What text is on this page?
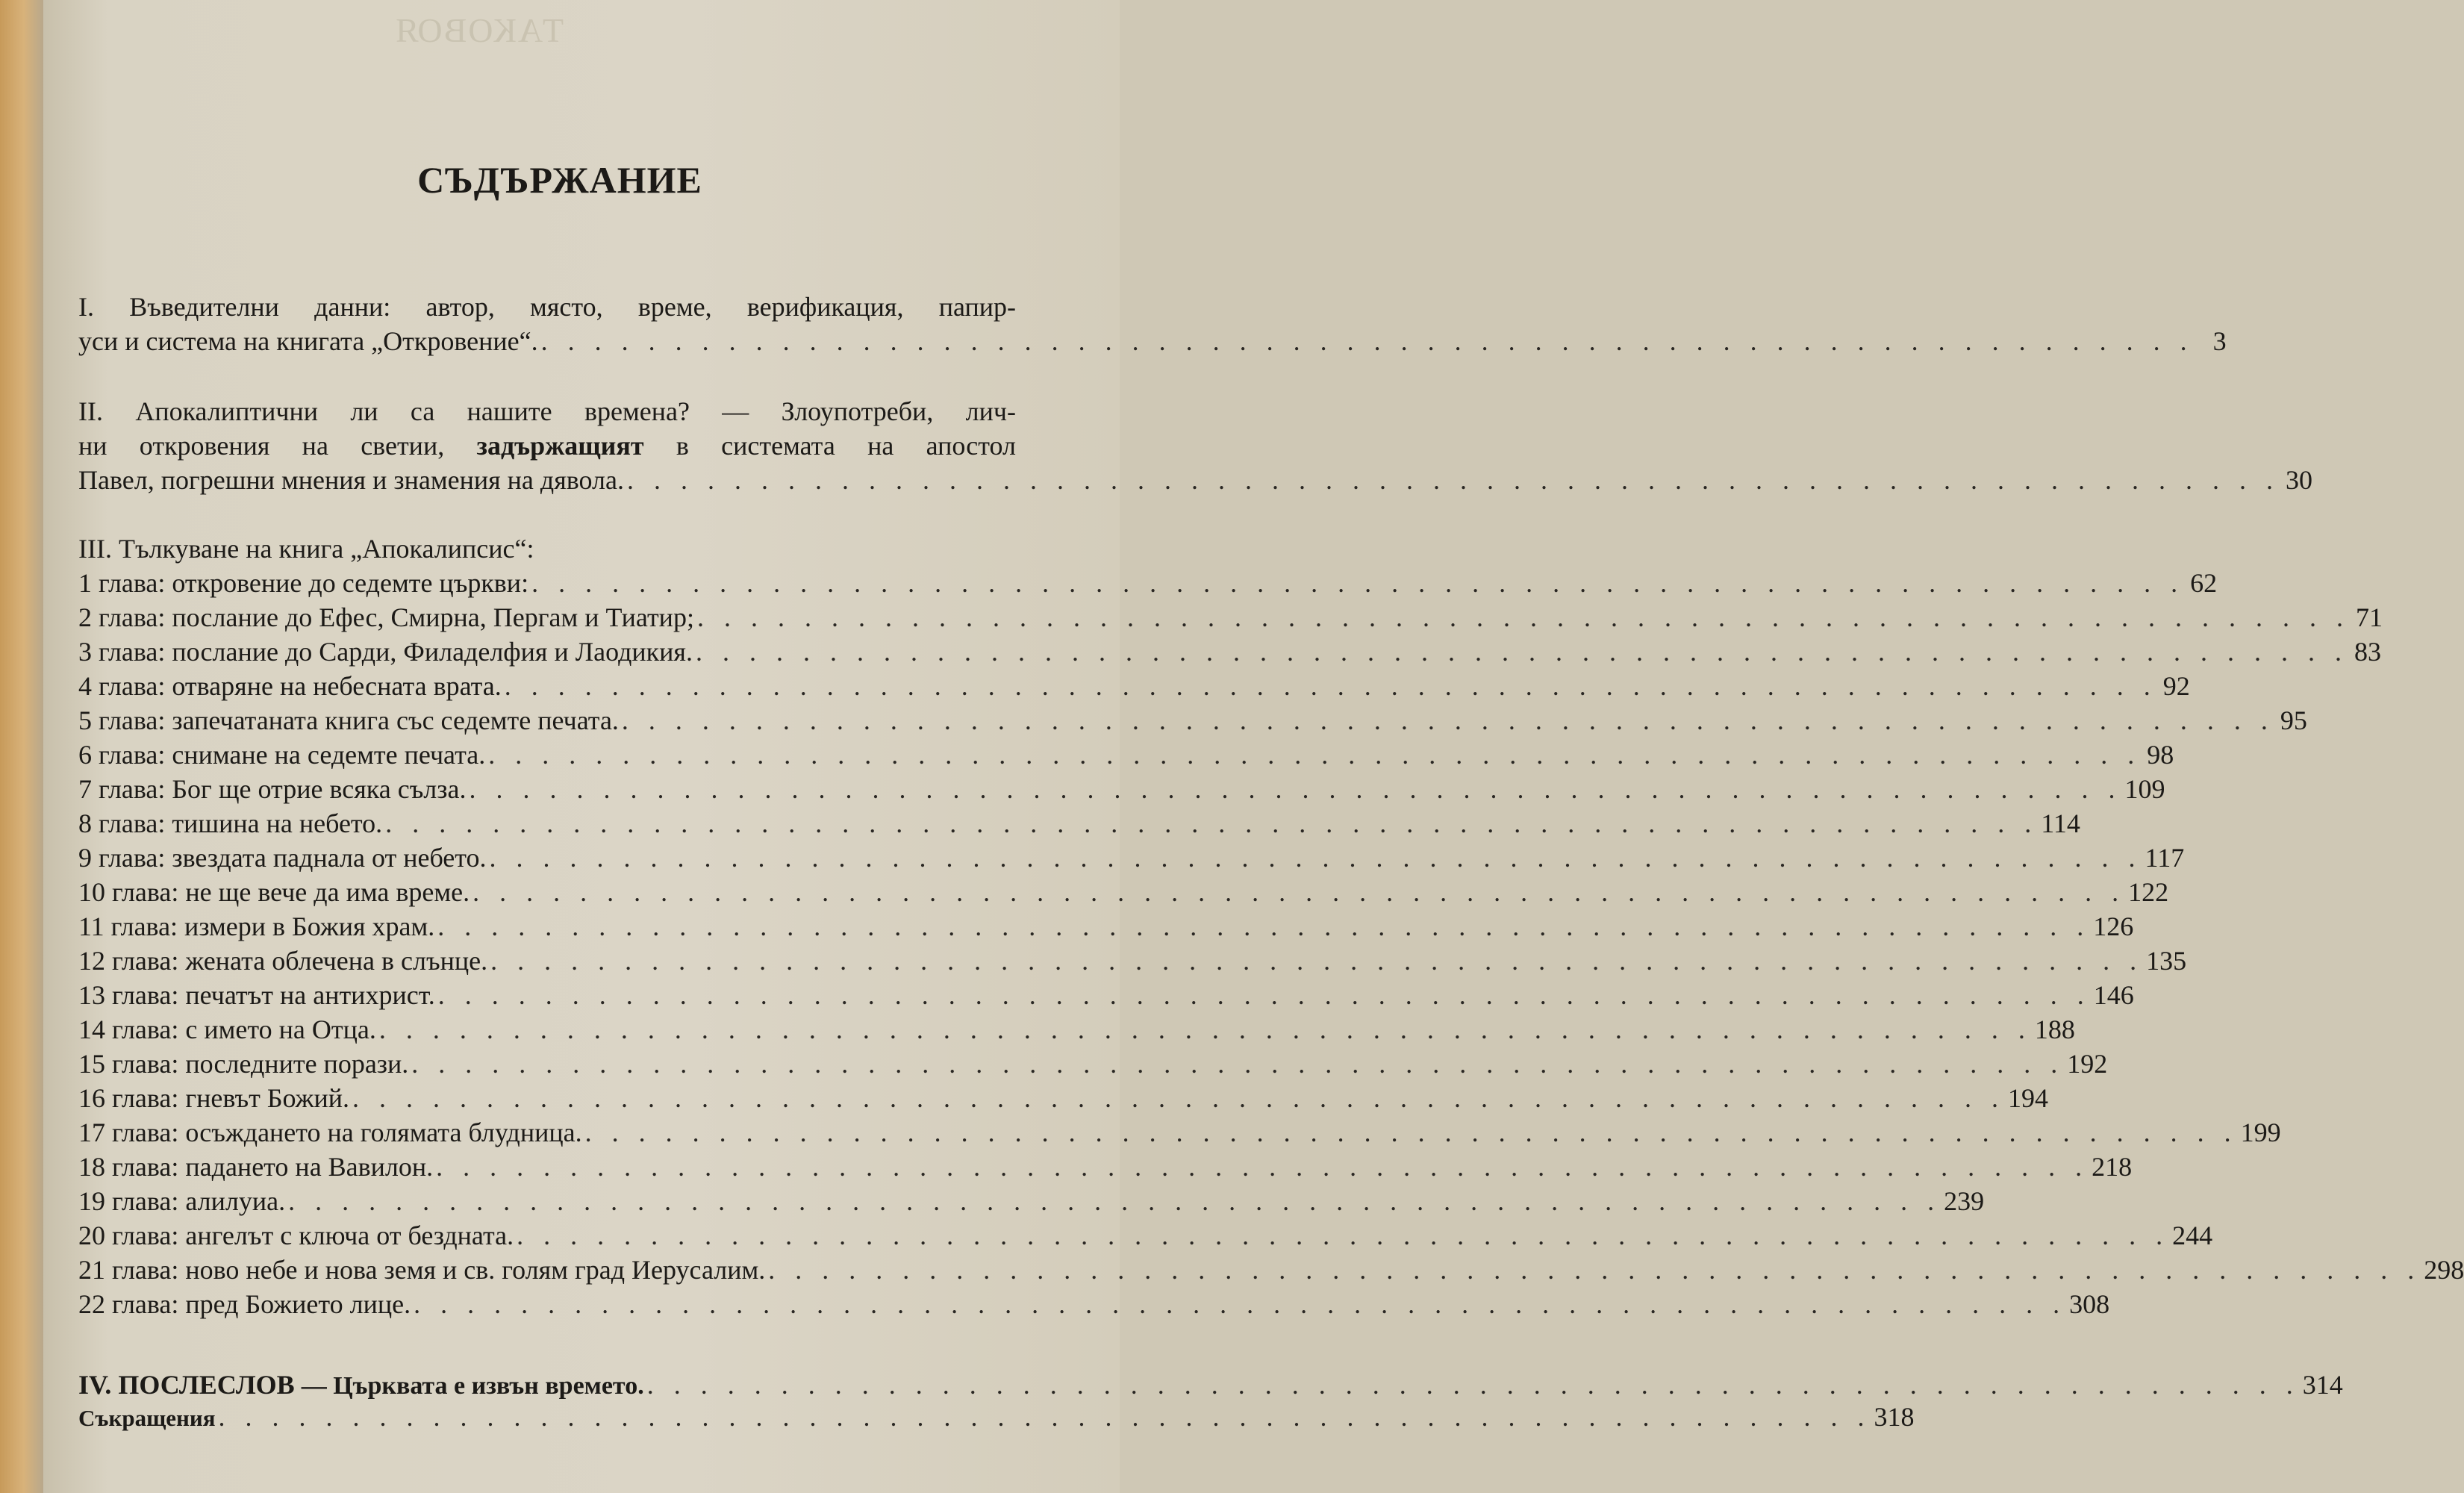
ТАКОВОЯ
СЪДЪРЖАНИЕ
I. Въведителни данни: автор, място, време, верификация, папир-
уси и система на книгата „Откровение“. . . . . . . . . . . . . . . . . . . . . . . . . . . . . . . . . . . . . . . . . . . . . . . . . . . . . . . . . . . . . . . 3
II. Апокалиптични ли са нашите времена? — Злоупотреби, лич-
ни откровения на светии, задържащият в системата на апостол
Павел, погрешни мнения и знамения на дявола. . . . . . . . . . . . . . . . . . . . . . . . . . . . . . . . . . . . . . . . . . . . . . . . . . . . . . . . . . . . . . . 30
III. Тълкуване на книга „Апокалипсис“:
1 глава: откровение до седемте църкви: . . . . . . . . . . . . . . . . . . . . . . . . . . . . . . . . . . . . . . . . . . . . . . . . . . . . . . . . . . . . . . 62
2 глава: послание до Ефес, Смирна, Пергам и Тиатир; . . . . . . . . . . . . . . . . . . . . . . . . . . . . . . . . . . . . . . . . . . . . . . . . . . . . . . . . . . . . . . 71
3 глава: послание до Сарди, Филаделфия и Лаодикия. . . . . . . . . . . . . . . . . . . . . . . . . . . . . . . . . . . . . . . . . . . . . . . . . . . . . . . . . . . . . . . 83
4 глава: отваряне на небесната врата. . . . . . . . . . . . . . . . . . . . . . . . . . . . . . . . . . . . . . . . . . . . . . . . . . . . . . . . . . . . . . . 92
5 глава: запечатаната книга със седемте печата. . . . . . . . . . . . . . . . . . . . . . . . . . . . . . . . . . . . . . . . . . . . . . . . . . . . . . . . . . . . . . . 95
6 глава: снимане на седемте печата. . . . . . . . . . . . . . . . . . . . . . . . . . . . . . . . . . . . . . . . . . . . . . . . . . . . . . . . . . . . . . . 98
7 глава: Бог ще отрие всяка сълза. . . . . . . . . . . . . . . . . . . . . . . . . . . . . . . . . . . . . . . . . . . . . . . . . . . . . . . . . . . . . . . 109
8 глава: тишина на небето. . . . . . . . . . . . . . . . . . . . . . . . . . . . . . . . . . . . . . . . . . . . . . . . . . . . . . . . . . . . . . . 114
9 глава: звездата паднала от небето. . . . . . . . . . . . . . . . . . . . . . . . . . . . . . . . . . . . . . . . . . . . . . . . . . . . . . . . . . . . . . . 117
10 глава: не ще вече да има време. . . . . . . . . . . . . . . . . . . . . . . . . . . . . . . . . . . . . . . . . . . . . . . . . . . . . . . . . . . . . . . 122
11 глава: измери в Божия храм. . . . . . . . . . . . . . . . . . . . . . . . . . . . . . . . . . . . . . . . . . . . . . . . . . . . . . . . . . . . . . . 126
12 глава: жената облечена в слънце. . . . . . . . . . . . . . . . . . . . . . . . . . . . . . . . . . . . . . . . . . . . . . . . . . . . . . . . . . . . . . . 135
13 глава: печатът на антихрист. . . . . . . . . . . . . . . . . . . . . . . . . . . . . . . . . . . . . . . . . . . . . . . . . . . . . . . . . . . . . . . 146
14 глава: с името на Отца. . . . . . . . . . . . . . . . . . . . . . . . . . . . . . . . . . . . . . . . . . . . . . . . . . . . . . . . . . . . . . . 188
15 глава: последните порази. . . . . . . . . . . . . . . . . . . . . . . . . . . . . . . . . . . . . . . . . . . . . . . . . . . . . . . . . . . . . . . 192
16 глава: гневът Божий. . . . . . . . . . . . . . . . . . . . . . . . . . . . . . . . . . . . . . . . . . . . . . . . . . . . . . . . . . . . . . . 194
17 глава: осъждането на голямата блудница. . . . . . . . . . . . . . . . . . . . . . . . . . . . . . . . . . . . . . . . . . . . . . . . . . . . . . . . . . . . . . . 199
18 глава: падането на Вавилон. . . . . . . . . . . . . . . . . . . . . . . . . . . . . . . . . . . . . . . . . . . . . . . . . . . . . . . . . . . . . . . 218
19 глава: алилуиа. . . . . . . . . . . . . . . . . . . . . . . . . . . . . . . . . . . . . . . . . . . . . . . . . . . . . . . . . . . . . . . 239
20 глава: ангелът с ключа от бездната. . . . . . . . . . . . . . . . . . . . . . . . . . . . . . . . . . . . . . . . . . . . . . . . . . . . . . . . . . . . . . . 244
21 глава: ново небе и нова земя и св. голям град Иерусалим. . . . . . . . . . . . . . . . . . . . . . . . . . . . . . . . . . . . . . . . . . . . . . . . . . . . . . . . . . . . . . . 298
22 глава: пред Божието лице. . . . . . . . . . . . . . . . . . . . . . . . . . . . . . . . . . . . . . . . . . . . . . . . . . . . . . . . . . . . . . . 308
IV. ПОСЛЕСЛОВ — Църквата е извън времето. . . . . . . . . . . . . . . . . . . . . . . . . . . . . . . . . . . . . . . . . . . . . . . . . . . . . . . . . . . . . . . 314
Съкращения . . . . . . . . . . . . . . . . . . . . . . . . . . . . . . . . . . . . . . . . . . . . . . . . . . . . . . . . . . . . . . 318
